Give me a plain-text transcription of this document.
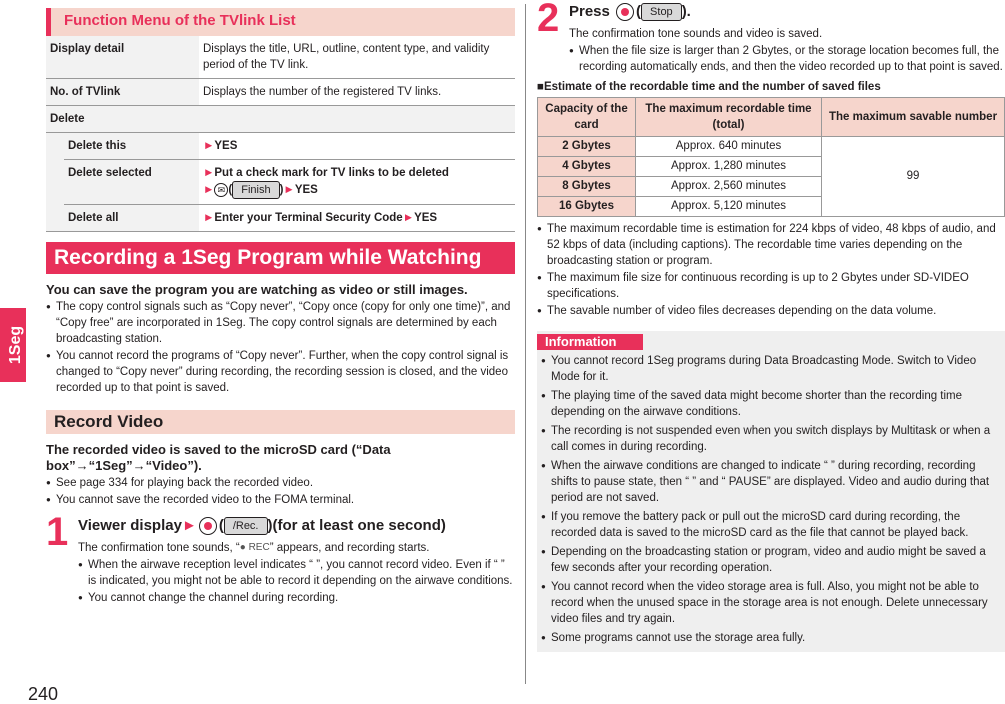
1Seg
240
Function Menu of the TVlink List
Display detail		Displays the title, URL, outline, content type, and validity period of the TV link.
No. of TVlink		Displays the number of the registered TV links.
Delete		
	Delete this	►YES
	Delete selected	►Put a check mark for TV links to be deleted
► ✉ ( Finish )►YES
	Delete all	►Enter your Terminal Security Code►YES
Recording a 1Seg Program while Watching
You can save the program you are watching as video or still images.
● The copy control signals such as “Copy never”, “Copy once (copy for only one time)”, and “Copy free” are incorporated in 1Seg. The copy control signals are determined by each broadcasting station.
● You cannot record the programs of “Copy never”. Further, when the copy control signal is changed to “Copy never” during recording, the recording session is closed, and the video recorded up to that point is saved.
Record Video
The recorded video is saved to the microSD card (“Data box”→“1Seg”→“Video”).
● See page 334 for playing back the recorded video.
● You cannot save the recorded video to the FOMA terminal.
1 Viewer display► ( /Rec. )(for at least one second)
The confirmation tone sounds, “● REC” appears, and recording starts.
● When the airwave reception level indicates “ ”, you cannot record video. Even if “ ” is indicated, you might not be able to record it depending on the airwave conditions.
● You cannot change the channel during recording.
2 Press ( Stop ).
The confirmation tone sounds and video is saved.
● When the file size is larger than 2 Gbytes, or the storage location becomes full, the recording automatically ends, and then the video recorded up to that point is saved.
■Estimate of the recordable time and the number of saved files
Capacity of the card	The maximum recordable time (total)	The maximum savable number
2 Gbytes	Approx. 640 minutes	99
4 Gbytes	Approx. 1,280 minutes	
8 Gbytes	Approx. 2,560 minutes	
16 Gbytes	Approx. 5,120 minutes	
● The maximum recordable time is estimation for 224 kbps of video, 48 kbps of audio, and 52 kbps of data (including captions). The recordable time varies depending on the broadcasting station or program.
● The maximum file size for continuous recording is up to 2 Gbytes under SD-VIDEO specifications.
● The savable number of video files decreases depending on the data volume.
Information
● You cannot record 1Seg programs during Data Broadcasting Mode. Switch to Video Mode for it.
● The playing time of the saved data might become shorter than the recording time depending on the airwave conditions.
● The recording is not suspended even when you switch displays by Multitask or when a call comes in during recording.
● When the airwave conditions are changed to indicate “ ” during recording, recording shifts to pause state, then “ ” and “ PAUSE” are displayed. Video and audio during that period are not saved.
● If you remove the battery pack or pull out the microSD card during recording, the recorded data is saved to the microSD card as the file that cannot be played back.
● Depending on the broadcasting station or program, video and audio might be saved a few seconds after your recording operation.
● You cannot record when the video storage area is full. Also, you might not be able to record when the unused space in the storage area is not enough. Delete unnecessary video files and try again.
● Some programs cannot use the storage area fully.
